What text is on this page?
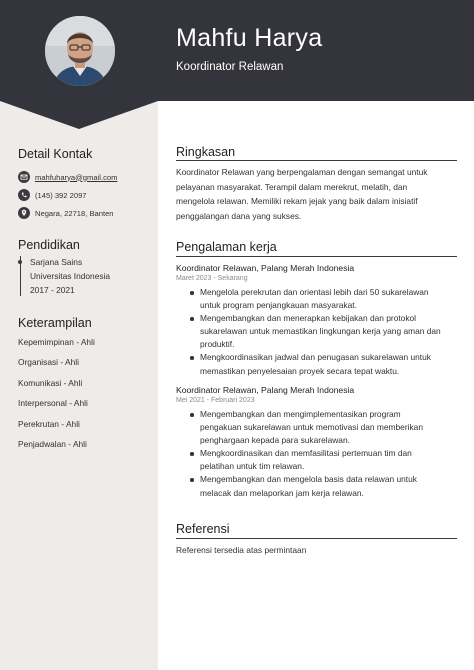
Mahfu Harya
Koordinator Relawan
Detail Kontak
mahfuharya@gmail.com
(145) 392 2097
Negara, 22718, Banten
Pendidikan
Sarjana Sains
Universitas Indonesia
2017 - 2021
Keterampilan
Kepemimpinan - Ahli
Organisasi - Ahli
Komunikasi - Ahli
Interpersonal - Ahli
Perekrutan - Ahli
Penjadwalan - Ahli
Ringkasan
Koordinator Relawan yang berpengalaman dengan semangat untuk
pelayanan masyarakat. Terampil dalam merekrut, melatih, dan
mengelola relawan. Memiliki rekam jejak yang baik dalam inisiatif
penggalangan dana yang sukses.
Pengalaman kerja
Koordinator Relawan, Palang Merah Indonesia
Maret 2023 - Sekarang
Mengelola perekrutan dan orientasi lebih dari 50 sukarelawan
untuk program penjangkauan masyarakat.
Mengembangkan dan menerapkan kebijakan dan protokol
sukarelawan untuk memastikan lingkungan kerja yang aman dan
produktif.
Mengkoordinasikan jadwal dan penugasan sukarelawan untuk
memastikan penyelesaian proyek secara tepat waktu.
Koordinator Relawan, Palang Merah Indonesia
Mei 2021 - Februari 2023
Mengembangkan dan mengimplementasikan program
pengakuan sukarelawan untuk memotivasi dan memberikan
penghargaan kepada para sukarelawan.
Mengkoordinasikan dan memfasilitasi pertemuan tim dan
pelatihan untuk tim relawan.
Mengembangkan dan mengelola basis data relawan untuk
melacak dan melaporkan jam kerja relawan.
Referensi
Referensi tersedia atas permintaan
